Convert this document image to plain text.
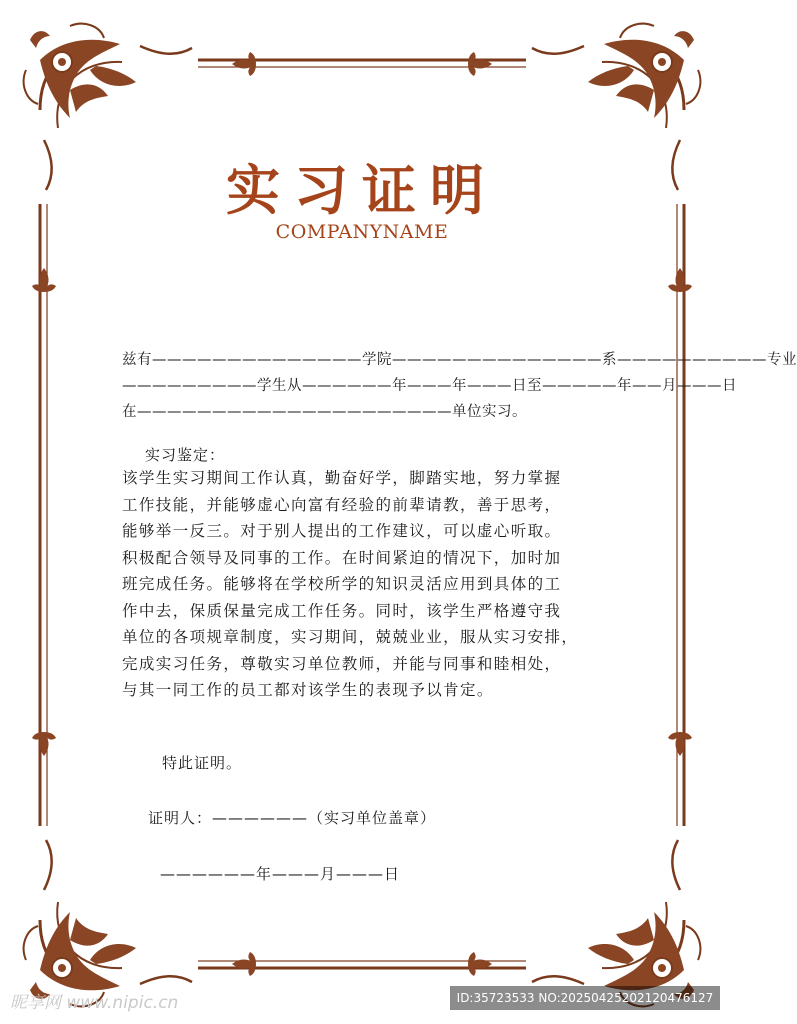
实习证明
COMPANYNAME
兹有——————————————学院——————————————系——————————专业
—————————学生从——————年———年———日至—————年——月———日
在—————————————————————单位实习。
实习鉴定：
该学生实习期间工作认真，勤奋好学，脚踏实地，努力掌握
工作技能，并能够虚心向富有经验的前辈请教，善于思考，
能够举一反三。对于别人提出的工作建议，可以虚心听取。
积极配合领导及同事的工作。在时间紧迫的情况下，加时加
班完成任务。能够将在学校所学的知识灵活应用到具体的工
作中去，保质保量完成工作任务。同时，该学生严格遵守我
单位的各项规章制度，实习期间，兢兢业业，服从实习安排，
完成实习任务，尊敬实习单位教师，并能与同事和睦相处，
与其一同工作的员工都对该学生的表现予以肯定。
特此证明。
证明人：——————（实习单位盖章）
——————年———月———日
昵享网 www.nipic.cn	ID:35723533 NO:20250425202120476127
